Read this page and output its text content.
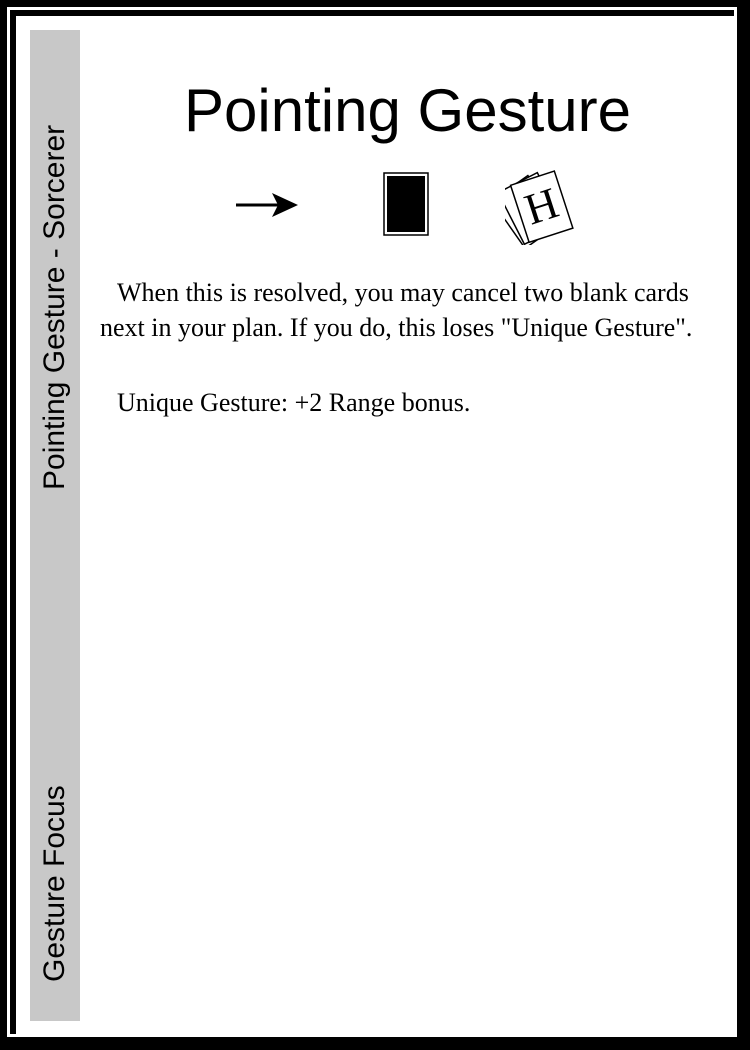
Pointing Gesture - Sorcerer
Gesture Focus
Pointing Gesture
H

When this is resolved, you may cancel two blank cards next in your plan. If you do, this loses "Unique Gesture".

Unique Gesture: +2 Range bonus.
